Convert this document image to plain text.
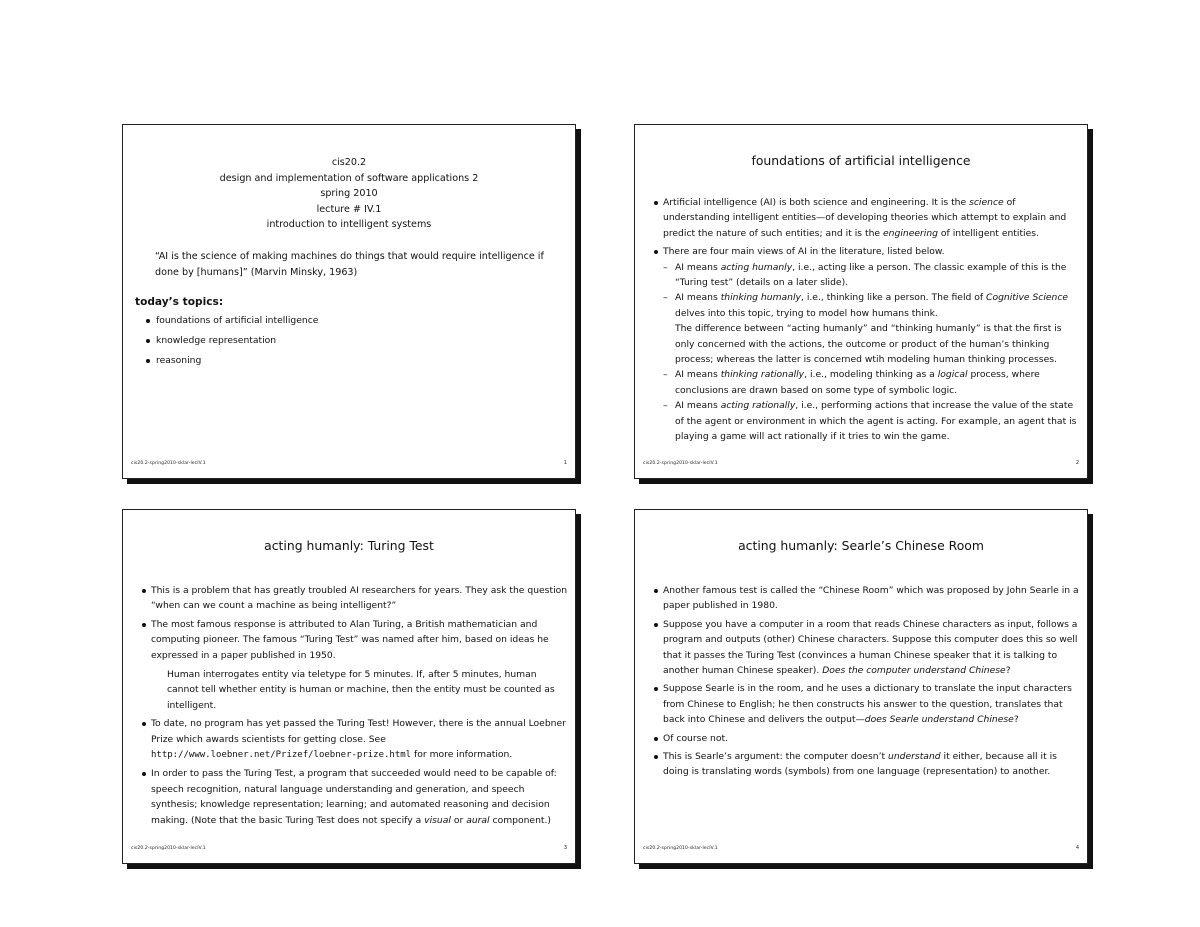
cis20.2
design and implementation of software applications 2
spring 2010
lecture # IV.1
introduction to intelligent systems
“AI is the science of making machines do things that would require intelligence if done by [humans]” (Marvin Minsky, 1963)
today’s topics:
foundations of artificial intelligence
knowledge representation
reasoning
cis20.2-spring2010-sklar-lecIV.1	1
foundations of artificial intelligence
Artificial intelligence (AI) is both science and engineering. It is the science of understanding intelligent entities—of developing theories which attempt to explain and predict the nature of such entities; and it is the engineering of intelligent entities.
There are four main views of AI in the literature, listed below.
– AI means acting humanly, i.e., acting like a person. The classic example of this is the “Turing test” (details on a later slide).
– AI means thinking humanly, i.e., thinking like a person. The field of Cognitive Science delves into this topic, trying to model how humans think.
The difference between “acting humanly” and “thinking humanly” is that the first is only concerned with the actions, the outcome or product of the human’s thinking process; whereas the latter is concerned wtih modeling human thinking processes.
– AI means thinking rationally, i.e., modeling thinking as a logical process, where conclusions are drawn based on some type of symbolic logic.
– AI means acting rationally, i.e., performing actions that increase the value of the state of the agent or environment in which the agent is acting. For example, an agent that is playing a game will act rationally if it tries to win the game.
cis20.2-spring2010-sklar-lecIV.1	2
acting humanly: Turing Test
This is a problem that has greatly troubled AI researchers for years. They ask the question “when can we count a machine as being intelligent?”
The most famous response is attributed to Alan Turing, a British mathematician and computing pioneer. The famous “Turing Test” was named after him, based on ideas he expressed in a paper published in 1950.
Human interrogates entity via teletype for 5 minutes. If, after 5 minutes, human cannot tell whether entity is human or machine, then the entity must be counted as intelligent.
To date, no program has yet passed the Turing Test! However, there is the annual Loebner Prize which awards scientists for getting close. See http://www.loebner.net/Prizef/loebner-prize.html for more information.
In order to pass the Turing Test, a program that succeeded would need to be capable of: speech recognition, natural language understanding and generation, and speech synthesis; knowledge representation; learning; and automated reasoning and decision making. (Note that the basic Turing Test does not specify a visual or aural component.)
cis20.2-spring2010-sklar-lecIV.1	3
acting humanly: Searle’s Chinese Room
Another famous test is called the “Chinese Room” which was proposed by John Searle in a paper published in 1980.
Suppose you have a computer in a room that reads Chinese characters as input, follows a program and outputs (other) Chinese characters. Suppose this computer does this so well that it passes the Turing Test (convinces a human Chinese speaker that it is talking to another human Chinese speaker). Does the computer understand Chinese?
Suppose Searle is in the room, and he uses a dictionary to translate the input characters from Chinese to English; he then constructs his answer to the question, translates that back into Chinese and delivers the output—does Searle understand Chinese?
Of course not.
This is Searle’s argument: the computer doesn’t understand it either, because all it is doing is translating words (symbols) from one language (representation) to another.
cis20.2-spring2010-sklar-lecIV.1	4
